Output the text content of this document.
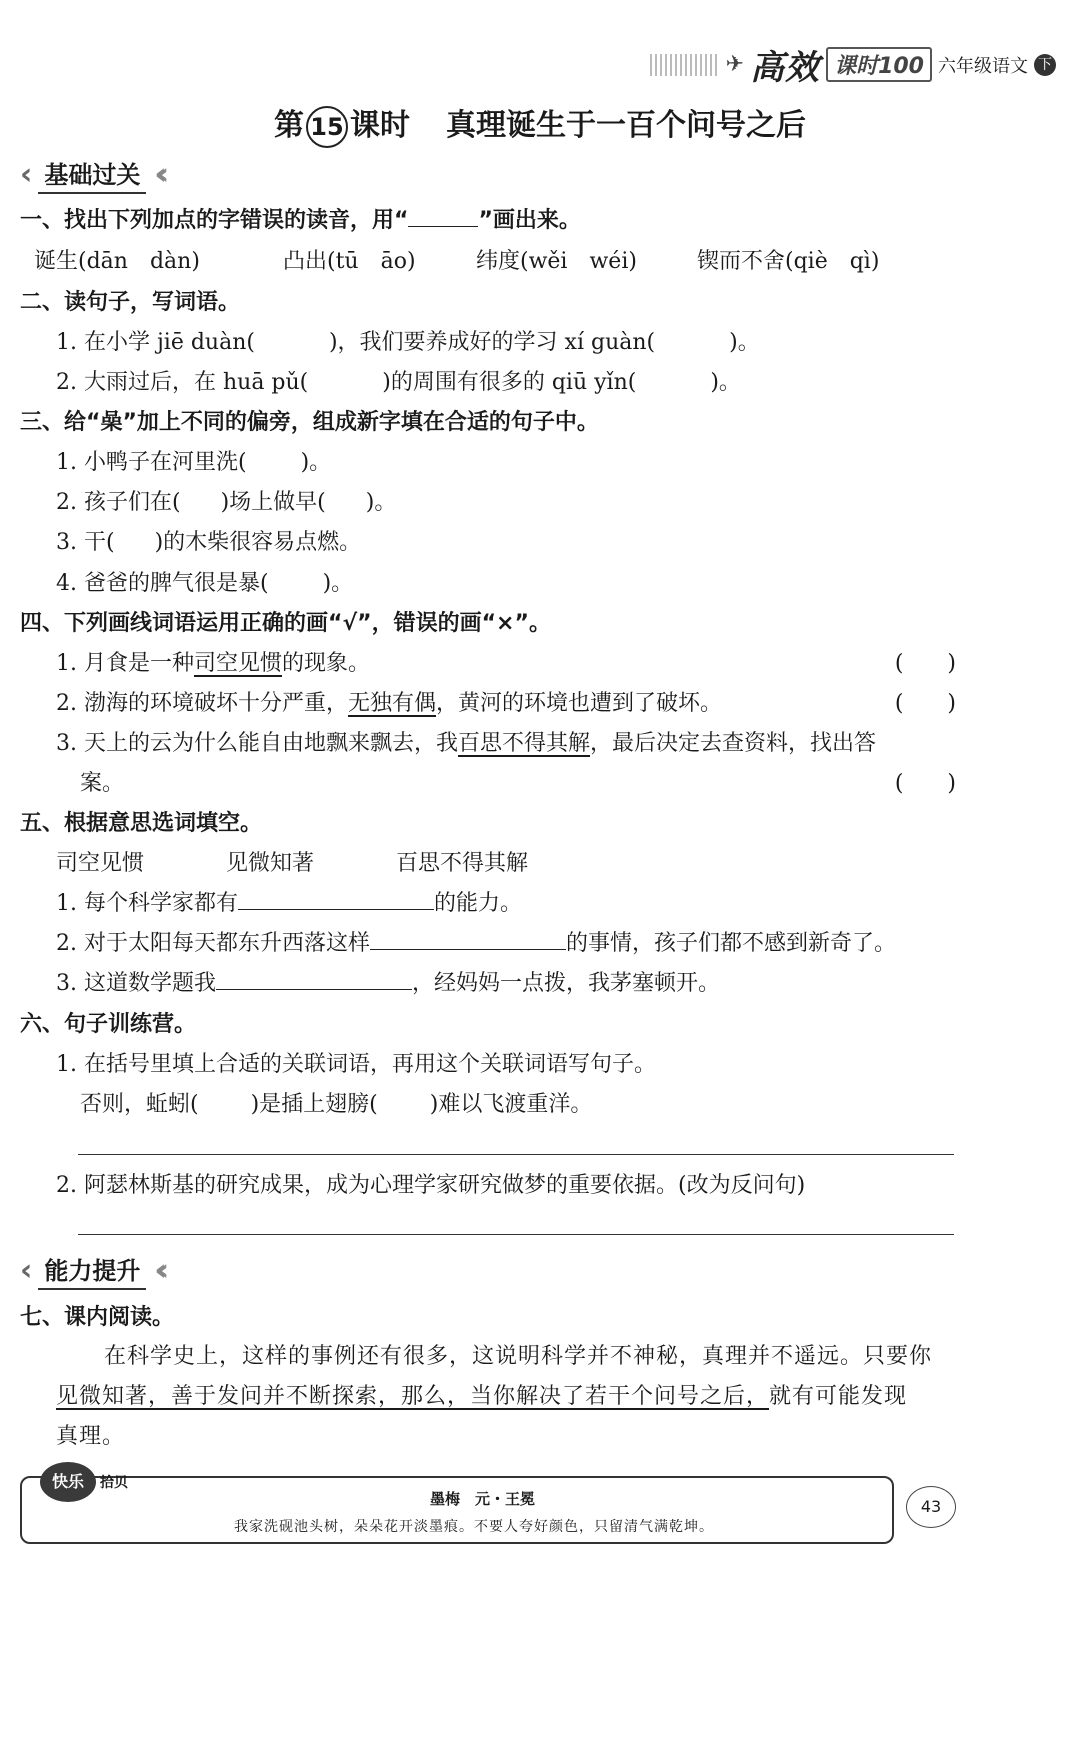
✈ 高效 课时100 六年级语文 下
第 15 课时 真理诞生于一百个问号之后
‹ 基础过关 ‹‹
一、找出下列加点的字错误的读音，用“	”画出来。
诞生(dān　dàn)	凸出(tū　āo)	纬度(wěi　wéi)	锲而不舍(qiè　qì)
二、读句子，写词语。
1. 在小学 jiē duàn(	)，我们要养成好的学习 xí guàn(	)。
2. 大雨过后，在 huā pǔ(	)的周围有很多的 qiū yǐn(	)。
三、给“喿”加上不同的偏旁，组成新字填在合适的句子中。
1. 小鸭子在河里洗( )。
2. 孩子们在( )场上做早( )。
3. 干( )的木柴很容易点燃。
4. 爸爸的脾气很是暴( )。
四、下列画线词语运用正确的画“√”，错误的画“×”。
1. 月食是一种司空见惯的现象。	(　　)
2. 渤海的环境破坏十分严重，无独有偶，黄河的环境也遭到了破坏。	(　　)
3. 天上的云为什么能自由地飘来飘去，我百思不得其解，最后决定去查资料，找出答
案。	(　　)
五、根据意思选词填空。
司空见惯	见微知著	百思不得其解
1. 每个科学家都有	的能力。
2. 对于太阳每天都东升西落这样	的事情，孩子们都不感到新奇了。
3. 这道数学题我	，经妈妈一点拨，我茅塞顿开。
六、句子训练营。
1. 在括号里填上合适的关联词语，再用这个关联词语写句子。
否则，蚯蚓( )是插上翅膀( )难以飞渡重洋。
2. 阿瑟林斯基的研究成果，成为心理学家研究做梦的重要依据。(改为反问句)
‹ 能力提升 ‹‹
七、课内阅读。
在科学史上，这样的事例还有很多，这说明科学并不神秘，真理并不遥远。只要你
见微知著，善于发问并不断探索，那么，当你解决了若干个问号之后，就有可能发现
真理。
快乐	拾贝
墨梅　元・王冕
我家洗砚池头树，朵朵花开淡墨痕。不要人夸好颜色，只留清气满乾坤。
43
